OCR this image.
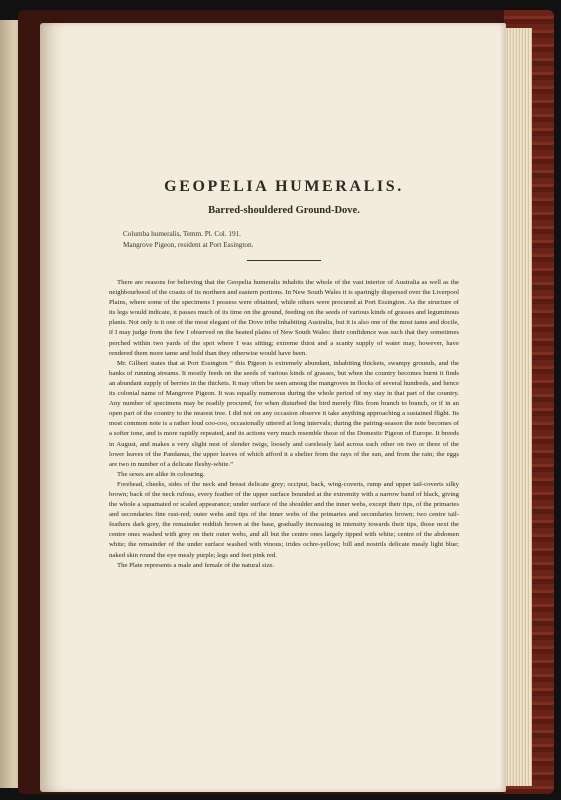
GEOPELIA HUMERALIS.
Barred-shouldered Ground-Dove.

Columba humeralis, Temm. Pl. Col. 191.

Mangrove Pigeon, resident at Port Essington.

There are reasons for believing that the Geopelia humeralis inhabits the whole of the vast interior of Australia as well as the neighbourhood of the coasts of its northern and eastern portions. In New South Wales it is sparingly dispersed over the Liverpool Plains, where some of the specimens I possess were obtained, while others were procured at Port Essington. As the structure of its legs would indicate, it passes much of its time on the ground, feeding on the seeds of various kinds of grasses and leguminous plants. Not only is it one of the most elegant of the Dove tribe inhabiting Australia, but it is also one of the most tame and docile, if I may judge from the few I observed on the heated plains of New South Wales: their confidence was such that they sometimes perched within two yards of the spot where I was sitting; extreme thirst and a scanty supply of water may, however, have rendered them more tame and bold than they otherwise would have been.

Mr. Gilbert states that at Port Essington “ this Pigeon is extremely abundant, inhabiting thickets, swampy grounds, and the banks of running streams. It mostly feeds on the seeds of various kinds of grasses, but when the country becomes burnt it finds an abundant supply of berries in the thickets. It may often be seen among the mangroves in flocks of several hundreds, and hence its colonial name of Mangrove Pigeon. It was equally numerous during the whole period of my stay in that part of the country. Any number of specimens may be readily procured, for when disturbed the bird merely flits from branch to branch, or if in an open part of the country to the nearest tree. I did not on any occasion observe it take anything approaching a sustained flight. Its most common note is a rather loud coo-coo, occasionally uttered at long intervals; during the pairing-season the note becomes of a softer tone, and is more rapidly repeated, and its actions very much resemble those of the Domestic Pigeon of Europe. It breeds in August, and makes a very slight nest of slender twigs, loosely and carelessly laid across each other on two or three of the lower leaves of the Pandanus, the upper leaves of which afford it a shelter from the rays of the sun, and from the rain; the eggs are two in number of a delicate fleshy-white.”

The sexes are alike in colouring.

Forehead, cheeks, sides of the neck and breast delicate grey; occiput, back, wing-coverts, rump and upper tail-coverts silky brown; back of the neck rufous, every feather of the upper surface bounded at the extremity with a narrow band of black, giving the whole a squamated or scaled appearance; under surface of the shoulder and the inner webs, except their tips, of the primaries and secondaries fine rust-red; outer webs and tips of the inner webs of the primaries and secondaries brown; two centre tail-feathers dark grey, the remainder reddish brown at the base, gradually increasing in intensity towards their tips, those next the centre ones washed with grey on their outer webs, and all but the centre ones largely tipped with white; centre of the abdomen white; the remainder of the under surface washed with vinous; irides ochre-yellow; bill and nostrils delicate mealy light blue; naked skin round the eye mealy purple; legs and feet pink red.

The Plate represents a male and female of the natural size.
